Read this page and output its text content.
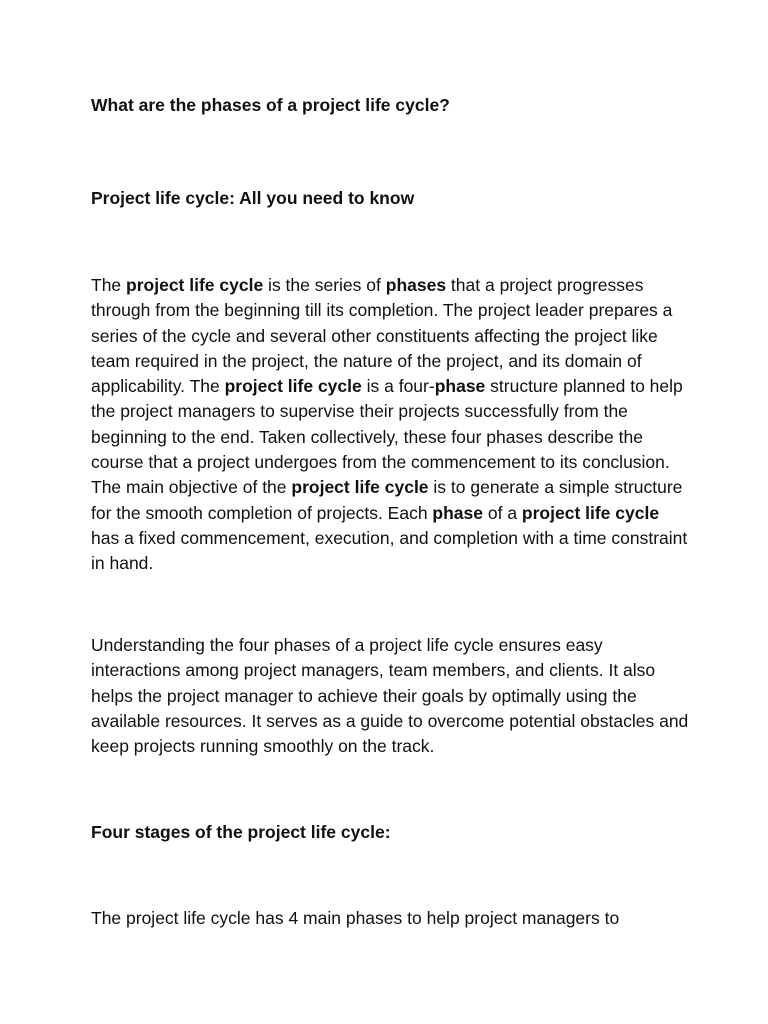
What are the phases of a project life cycle?

Project life cycle: All you need to know

The project life cycle is the series of phases that a project progresses through from the beginning till its completion. The project leader prepares a series of the cycle and several other constituents affecting the project like team required in the project, the nature of the project, and its domain of applicability. The project life cycle is a four-phase structure planned to help the project managers to supervise their projects successfully from the beginning to the end. Taken collectively, these four phases describe the course that a project undergoes from the commencement to its conclusion. The main objective of the project life cycle is to generate a simple structure for the smooth completion of projects. Each phase of a project life cycle has a fixed commencement, execution, and completion with a time constraint in hand.

Understanding the four phases of a project life cycle ensures easy interactions among project managers, team members, and clients. It also helps the project manager to achieve their goals by optimally using the available resources. It serves as a guide to overcome potential obstacles and keep projects running smoothly on the track.

Four stages of the project life cycle:

The project life cycle has 4 main phases to help project managers to
